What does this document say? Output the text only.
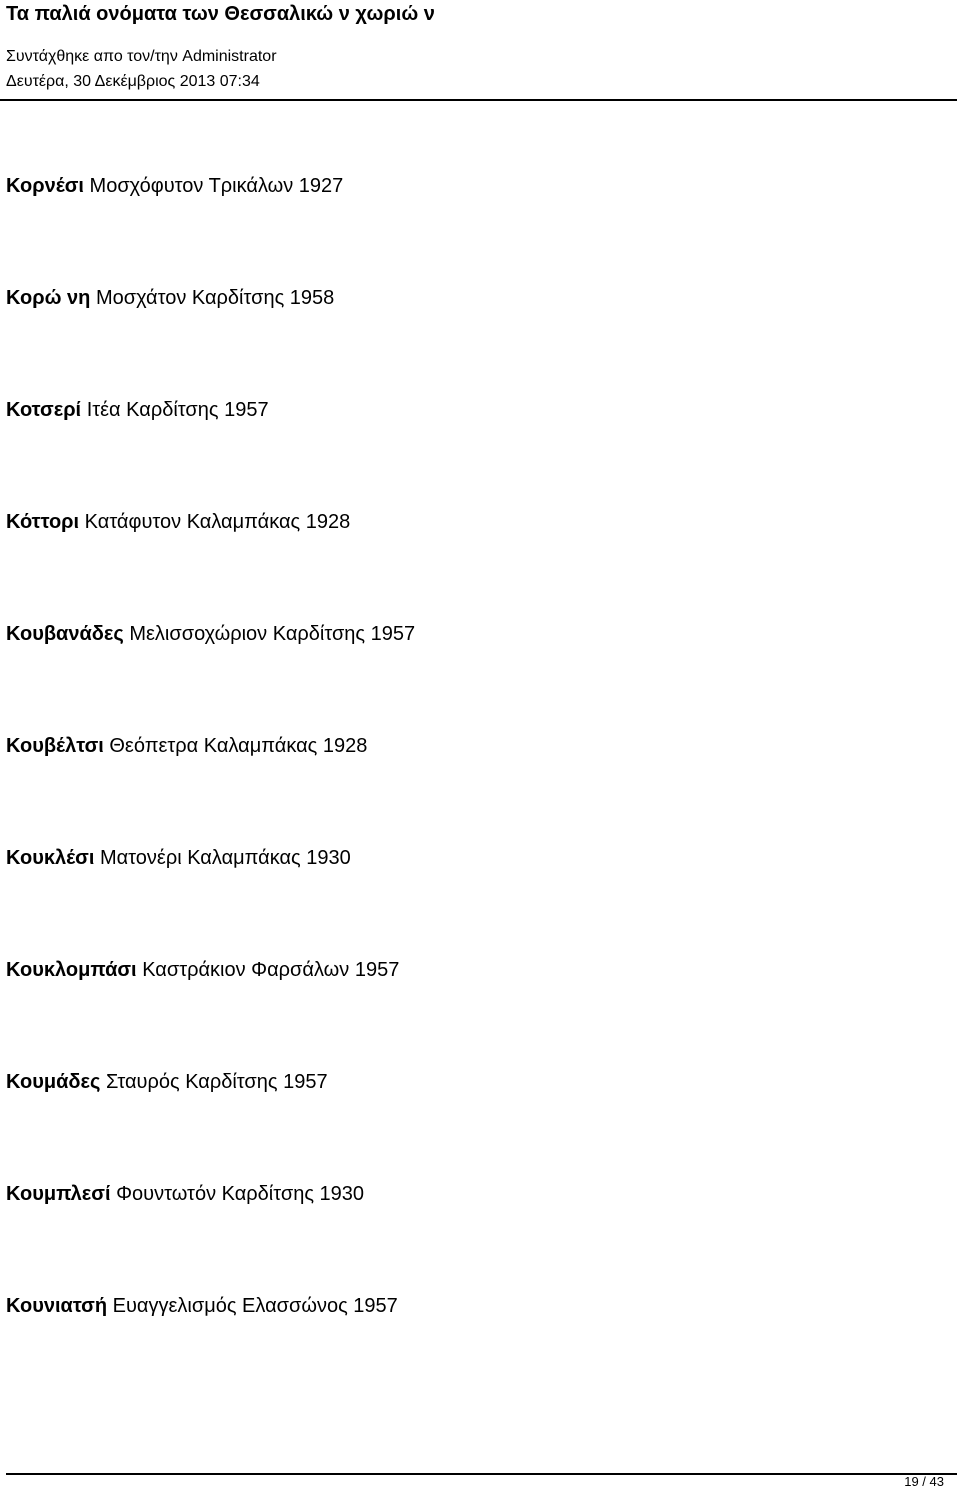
Τα παλιά ονόματα των Θεσσαλικώ ν χωριώ ν
Συντάχθηκε απο τον/την Administrator
Δευτέρα, 30 Δεκέμβριος 2013 07:34
Κορνέσι Μοσχόφυτον Τρικάλων 1927
Κορώ νη Μοσχάτον Καρδίτσης 1958
Κοτσερί Ιτέα Καρδίτσης 1957
Κόττορι Κατάφυτον Καλαμπάκας 1928
Κουβανάδες Μελισσοχώριον Καρδίτσης 1957
Κουβέλτσι Θεόπετρα Καλαμπάκας 1928
Κουκλέσι Ματονέρι Καλαμπάκας 1930
Κουκλομπάσι Καστράκιον Φαρσάλων 1957
Κουμάδες Σταυρός Καρδίτσης 1957
Κουμπλεσί Φουντωτόν Καρδίτσης 1930
Κουνιατσή Ευαγγελισμός Ελασσώνος 1957
19 / 43
